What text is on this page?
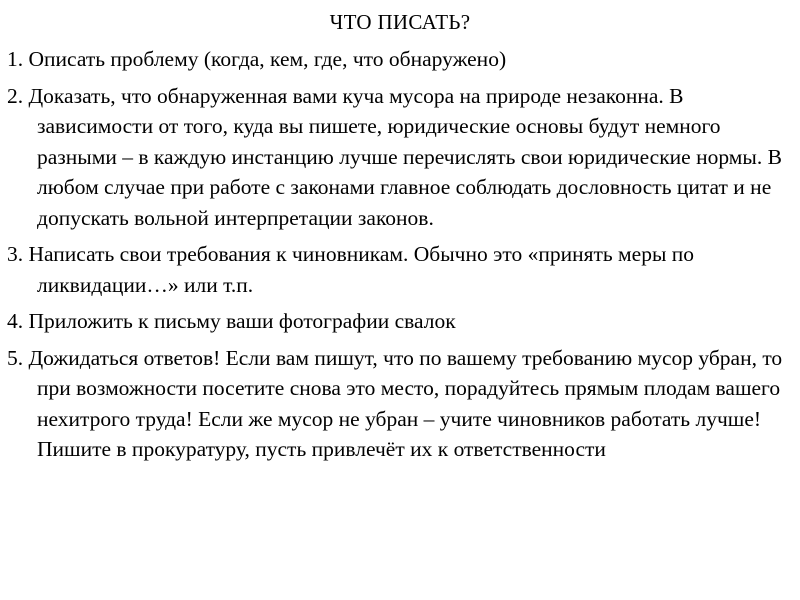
ЧТО ПИСАТЬ?
1. Описать проблему (когда, кем, где, что обнаружено)
2. Доказать, что обнаруженная вами куча мусора на природе незаконна. В зависимости от того, куда вы пишете, юридические основы будут немного разными – в каждую инстанцию лучше перечислять свои юридические нормы. В любом случае при работе с законами главное соблюдать дословность цитат и не допускать вольной интерпретации законов.
3. Написать свои требования к чиновникам. Обычно это «принять меры по ликвидации…» или т.п.
4. Приложить к письму ваши фотографии свалок
5. Дожидаться ответов! Если вам пишут, что по вашему требованию мусор убран, то при возможности посетите снова это место, порадуйтесь прямым плодам вашего нехитрого труда! Если же мусор не убран – учите чиновников работать лучше! Пишите в прокуратуру, пусть привлечёт их к ответственности
